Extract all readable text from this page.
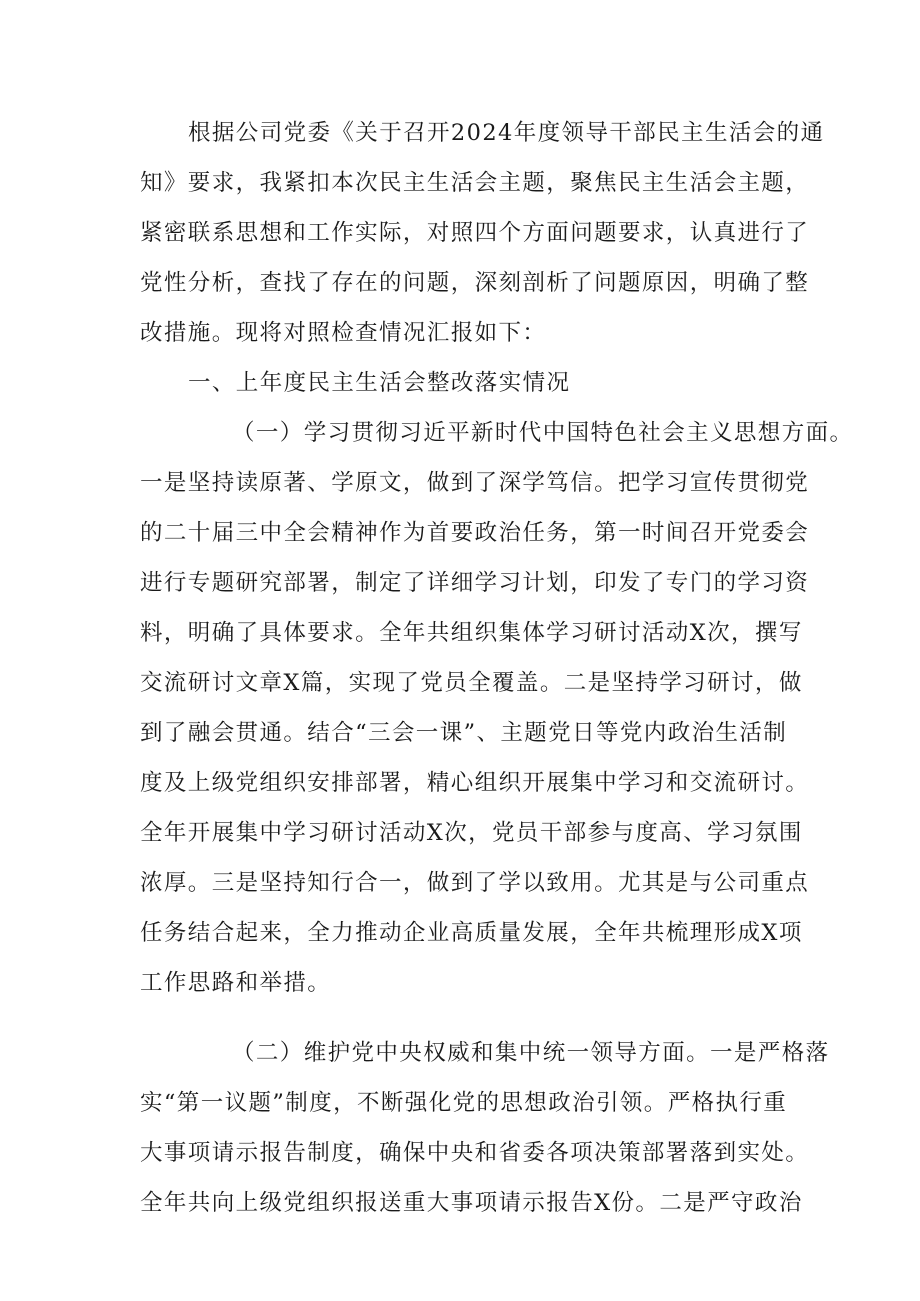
根据公司党委《关于召开2024年度领导干部民主生活会的通
知》要求，我紧扣本次民主生活会主题，聚焦民主生活会主题，
紧密联系思想和工作实际，对照四个方面问题要求，认真进行了
党性分析，查找了存在的问题，深刻剖析了问题原因，明确了整
改措施。现将对照检查情况汇报如下：
一、上年度民主生活会整改落实情况
（一）学习贯彻习近平新时代中国特色社会主义思想方面。
一是坚持读原著、学原文，做到了深学笃信。把学习宣传贯彻党
的二十届三中全会精神作为首要政治任务，第一时间召开党委会
进行专题研究部署，制定了详细学习计划，印发了专门的学习资
料，明确了具体要求。全年共组织集体学习研讨活动X次，撰写
交流研讨文章X篇，实现了党员全覆盖。二是坚持学习研讨，做
到了融会贯通。结合“三会一课”、主题党日等党内政治生活制
度及上级党组织安排部署，精心组织开展集中学习和交流研讨。
全年开展集中学习研讨活动X次，党员干部参与度高、学习氛围
浓厚。三是坚持知行合一，做到了学以致用。尤其是与公司重点
任务结合起来，全力推动企业高质量发展，全年共梳理形成X项
工作思路和举措。
（二）维护党中央权威和集中统一领导方面。一是严格落
实“第一议题”制度，不断强化党的思想政治引领。严格执行重
大事项请示报告制度，确保中央和省委各项决策部署落到实处。
全年共向上级党组织报送重大事项请示报告X份。二是严守政治
